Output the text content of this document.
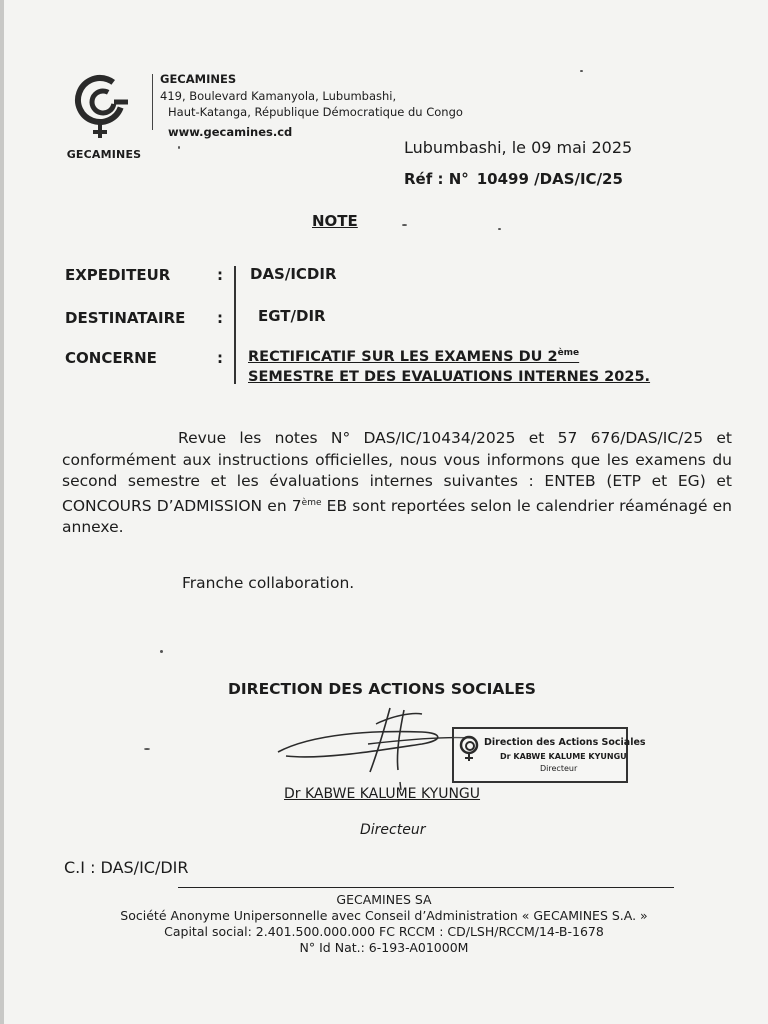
GECAMINES
GECAMINES
419, Boulevard Kamanyola, Lubumbashi,
Haut-Katanga, République Démocratique du Congo
www.gecamines.cd
Lubumbashi, le 09 mai 2025
Réf : N° 10499 /DAS/IC/25
NOTE
EXPEDITEUR	: DAS/ICDIR
DESTINATAIRE : EGT/DIR
CONCERNE	: RECTIFICATIF SUR LES EXAMENS DU 2ème
SEMESTRE ET DES EVALUATIONS INTERNES 2025.
Revue les notes N° DAS/IC/10434/2025 et 57 676/DAS/IC/25 et conformément aux instructions officielles, nous vous informons que les examens du second semestre et les évaluations internes suivantes : ENTEB (ETP et EG) et CONCOURS D’ADMISSION en 7ème EB sont reportées selon le calendrier réaménagé en annexe.
Franche collaboration.
DIRECTION DES ACTIONS SOCIALES
Direction des Actions Sociales
Dr KABWE KALUME KYUNGU
Directeur
Dr KABWE KALUME KYUNGU
Directeur
C.I : DAS/IC/DIR
GECAMINES SA
Société Anonyme Unipersonnelle avec Conseil d’Administration « GECAMINES S.A. »
Capital social: 2.401.500.000.000 FC RCCM : CD/LSH/RCCM/14-B-1678
N° Id Nat.: 6-193-A01000M
